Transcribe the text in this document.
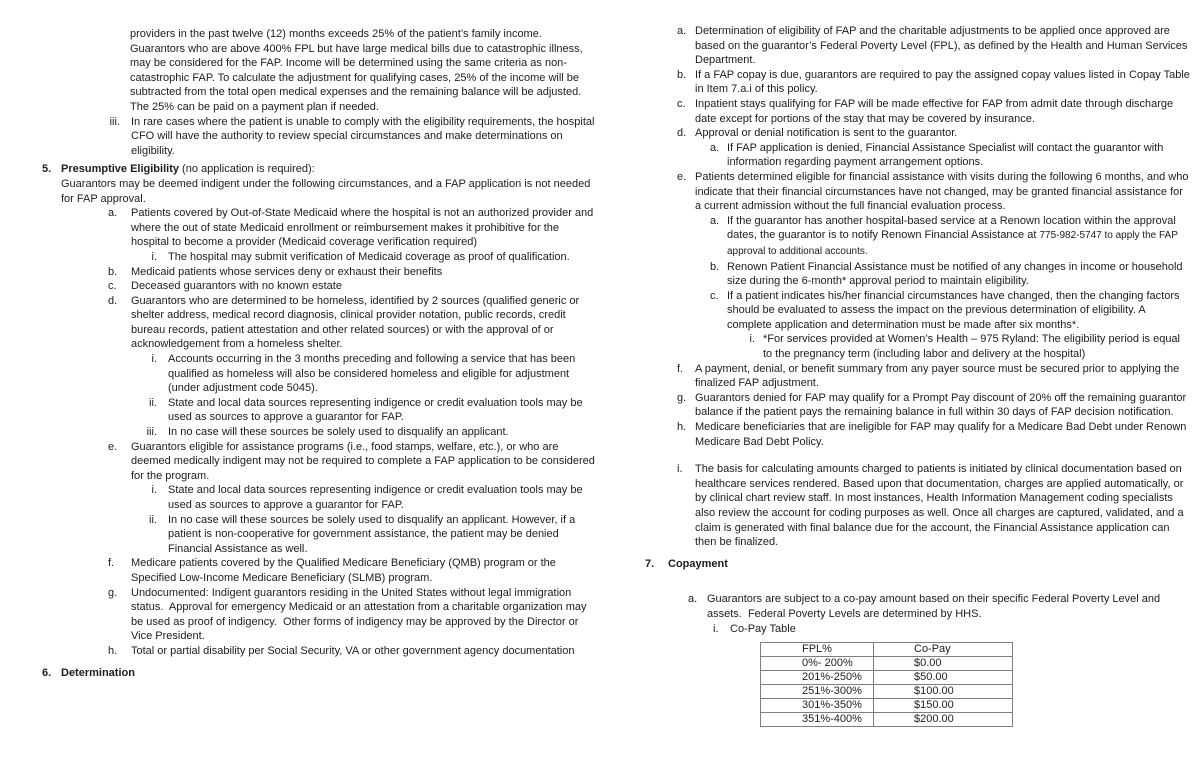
providers in the past twelve (12) months exceeds 25% of the patient’s family income. Guarantors who are above 400% FPL but have large medical bills due to catastrophic illness, may be considered for the FAP. Income will be determined using the same criteria as non-catastrophic FAP. To calculate the adjustment for qualifying cases, 25% of the income will be subtracted from the total open medical expenses and the remaining balance will be adjusted. The 25% can be paid on a payment plan if needed.
iii. In rare cases where the patient is unable to comply with the eligibility requirements, the hospital CFO will have the authority to review special circumstances and make determinations on eligibility.
5. Presumptive Eligibility (no application is required):
Guarantors may be deemed indigent under the following circumstances, and a FAP application is not needed for FAP approval.
a.	Patients covered by Out-of-State Medicaid where the hospital is not an authorized provider and where the out of state Medicaid enrollment or reimbursement makes it prohibitive for the hospital to become a provider (Medicaid coverage verification required)
i. The hospital may submit verification of Medicaid coverage as proof of qualification.
b.	Medicaid patients whose services deny or exhaust their benefits
c.	Deceased guarantors with no known estate
d.	Guarantors who are determined to be homeless, identified by 2 sources (qualified generic or shelter address, medical record diagnosis, clinical provider notation, public records, credit bureau records, patient attestation and other related sources) or with the approval of or acknowledgement from a homeless shelter.
i. Accounts occurring in the 3 months preceding and following a service that has been qualified as homeless will also be considered homeless and eligible for adjustment (under adjustment code 5045).
ii. State and local data sources representing indigence or credit evaluation tools may be used as sources to approve a guarantor for FAP.
iii. In no case will these sources be solely used to disqualify an applicant.
e.	Guarantors eligible for assistance programs (i.e., food stamps, welfare, etc.), or who are deemed medically indigent may not be required to complete a FAP application to be considered for the program.
i. State and local data sources representing indigence or credit evaluation tools may be used as sources to approve a guarantor for FAP.
ii. In no case will these sources be solely used to disqualify an applicant. However, if a patient is non-cooperative for government assistance, the patient may be denied Financial Assistance as well.
f.	Medicare patients covered by the Qualified Medicare Beneficiary (QMB) program or the Specified Low-Income Medicare Beneficiary (SLMB) program.
g.	Undocumented: Indigent guarantors residing in the United States without legal immigration status.  Approval for emergency Medicaid or an attestation from a charitable organization may be used as proof of indigency.  Other forms of indigency may be approved by the Director or Vice President.
h.	Total or partial disability per Social Security, VA or other government agency documentation
6. Determination
a. Determination of eligibility of FAP and the charitable adjustments to be applied once approved are based on the guarantor’s Federal Poverty Level (FPL), as defined by the Health and Human Services Department.
b. If a FAP copay is due, guarantors are required to pay the assigned copay values listed in Copay Table in Item 7.a.i of this policy.
c. Inpatient stays qualifying for FAP will be made effective for FAP from admit date through discharge date except for portions of the stay that may be covered by insurance.
d. Approval or denial notification is sent to the guarantor.
a. If FAP application is denied, Financial Assistance Specialist will contact the guarantor with information regarding payment arrangement options.
e. Patients determined eligible for financial assistance with visits during the following 6 months, and who indicate that their financial circumstances have not changed, may be granted financial assistance for a current admission without the full financial evaluation process.
a. If the guarantor has another hospital-based service at a Renown location within the approval dates, the guarantor is to notify Renown Financial Assistance at 775-982-5747 to apply the FAP approval to additional accounts.
b. Renown Patient Financial Assistance must be notified of any changes in income or household size during the 6-month* approval period to maintain eligibility.
c. If a patient indicates his/her financial circumstances have changed, then the changing factors should be evaluated to assess the impact on the previous determination of eligibility. A complete application and determination must be made after six months*.
i. *For services provided at Women’s Health – 975 Ryland: The eligibility period is equal to the pregnancy term (including labor and delivery at the hospital)
f.	A payment, denial, or benefit summary from any payer source must be secured prior to applying the finalized FAP adjustment.
g. Guarantors denied for FAP may qualify for a Prompt Pay discount of 20% off the remaining guarantor balance if the patient pays the remaining balance in full within 30 days of FAP decision notification.
h. Medicare beneficiaries that are ineligible for FAP may qualify for a Medicare Bad Debt under Renown Medicare Bad Debt Policy.
i.	The basis for calculating amounts charged to patients is initiated by clinical documentation based on healthcare services rendered. Based upon that documentation, charges are applied automatically, or by clinical chart review staff. In most instances, Health Information Management coding specialists also review the account for coding purposes as well. Once all charges are captured, validated, and a claim is generated with final balance due for the account, the Financial Assistance application can then be finalized.
7. Copayment
a. Guarantors are subject to a co-pay amount based on their specific Federal Poverty Level and assets.  Federal Poverty Levels are determined by HHS.
i.	Co-Pay Table
FPL%	Co-Pay
0%- 200%	$0.00
201%-250%	$50.00
251%-300%	$100.00
301%-350%	$150.00
351%-400%	$200.00
